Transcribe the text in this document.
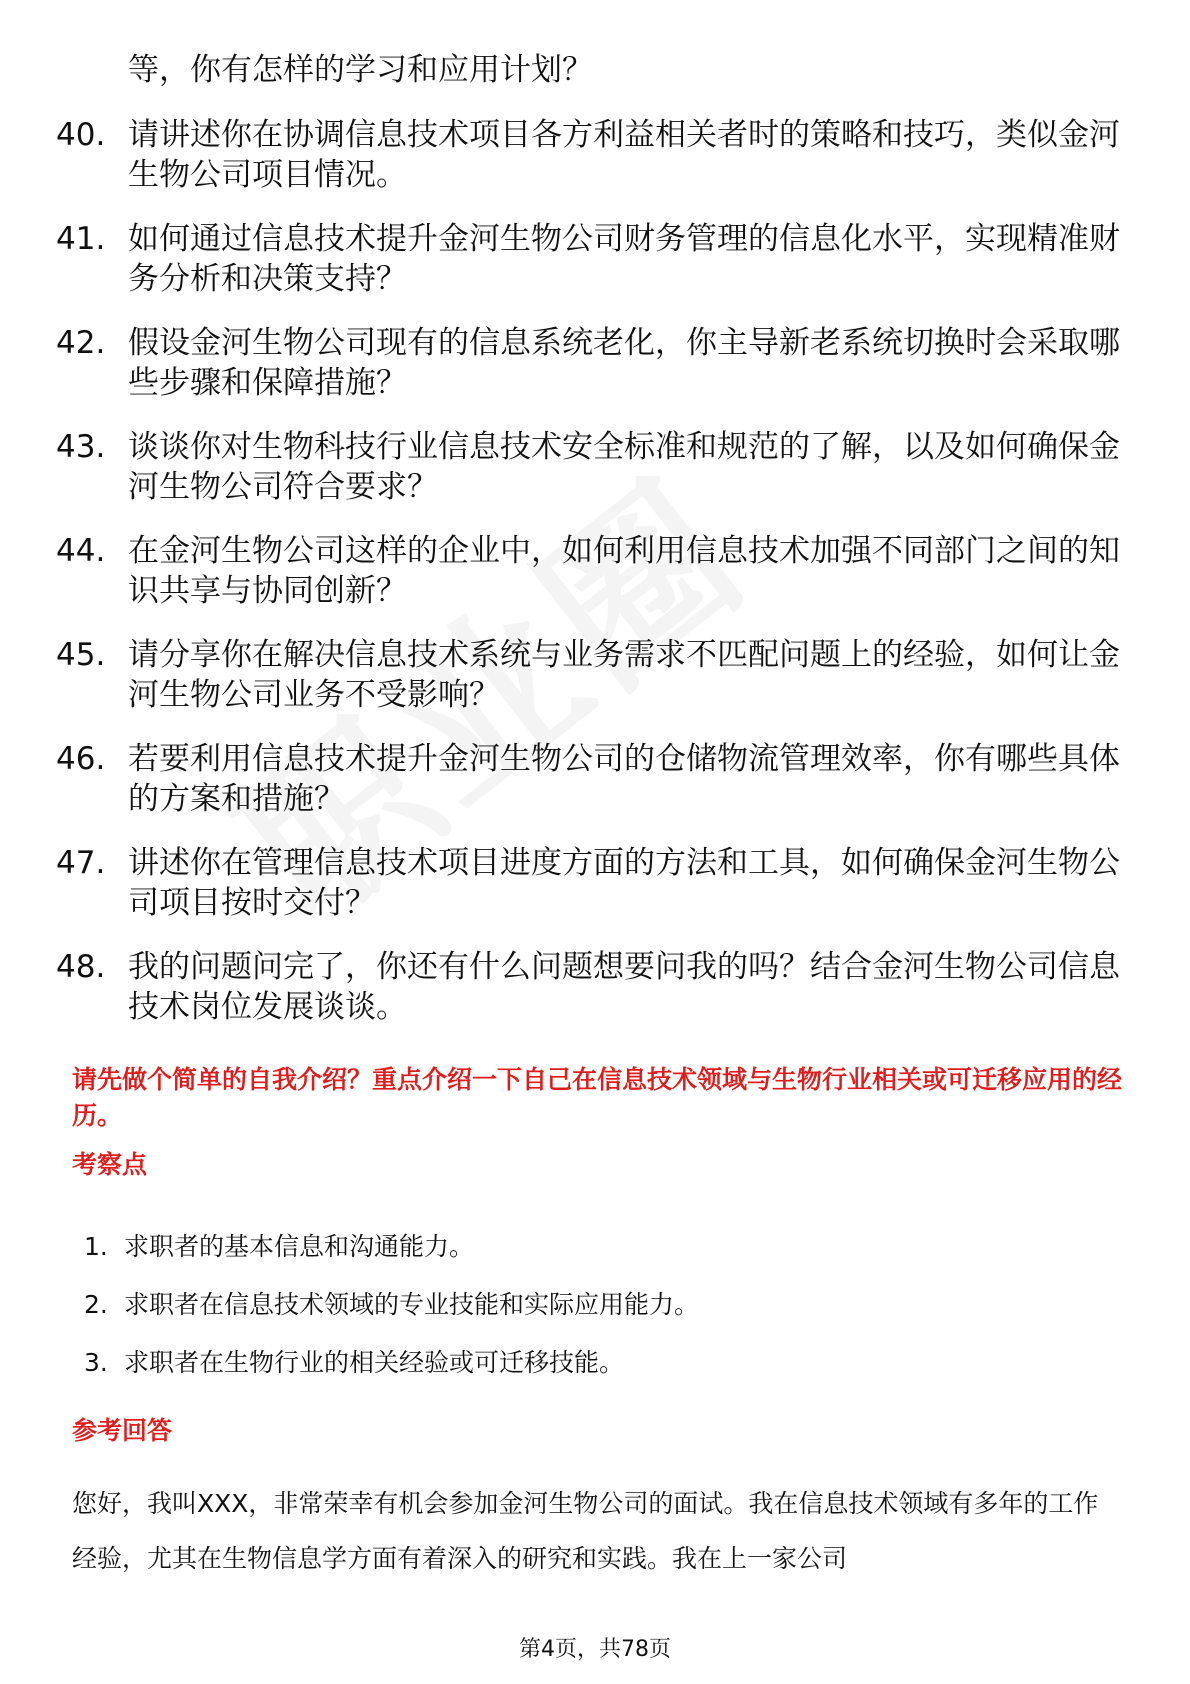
等，你有怎样的学习和应用计划？
40. 请讲述你在协调信息技术项目各方利益相关者时的策略和技巧，类似金河生物公司项目情况。
41. 如何通过信息技术提升金河生物公司财务管理的信息化水平，实现精准财务分析和决策支持？
42. 假设金河生物公司现有的信息系统老化，你主导新老系统切换时会采取哪些步骤和保障措施？
43. 谈谈你对生物科技行业信息技术安全标准和规范的了解，以及如何确保金河生物公司符合要求？
44. 在金河生物公司这样的企业中，如何利用信息技术加强不同部门之间的知识共享与协同创新？
45. 请分享你在解决信息技术系统与业务需求不匹配问题上的经验，如何让金河生物公司业务不受影响？
46. 若要利用信息技术提升金河生物公司的仓储物流管理效率，你有哪些具体的方案和措施？
47. 讲述你在管理信息技术项目进度方面的方法和工具，如何确保金河生物公司项目按时交付？
48. 我的问题问完了，你还有什么问题想要问我的吗？结合金河生物公司信息技术岗位发展谈谈。
请先做个简单的自我介绍？重点介绍一下自己在信息技术领域与生物行业相关或可迁移应用的经历。
考察点
1. 求职者的基本信息和沟通能力。
2. 求职者在信息技术领域的专业技能和实际应用能力。
3. 求职者在生物行业的相关经验或可迁移技能。
参考回答
您好，我叫XXX，非常荣幸有机会参加金河生物公司的面试。我在信息技术领域有多年的工作经验，尤其在生物信息学方面有着深入的研究和实践。我在上一家公司
第4页，共78页
